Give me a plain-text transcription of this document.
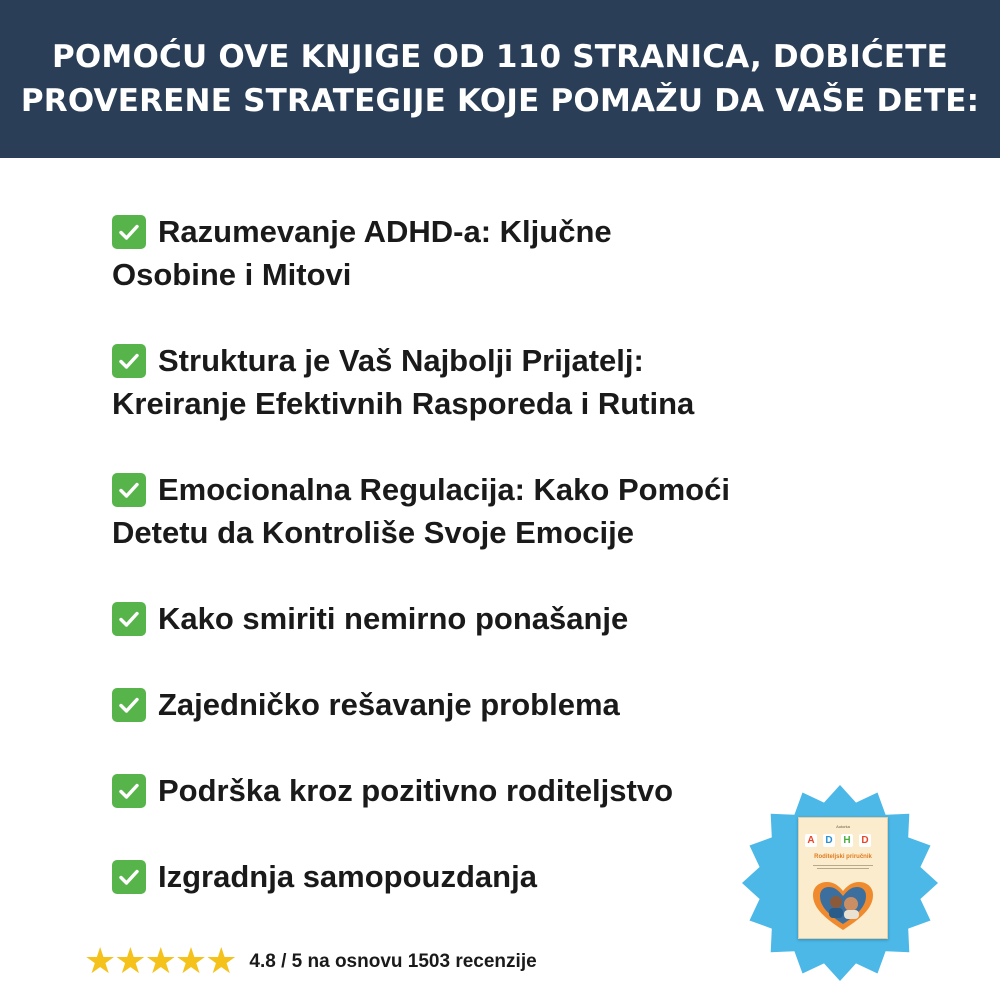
POMOĆU OVE KNJIGE OD 110 STRANICA, DOBIĆETE
PROVERENE STRATEGIJE KOJE POMAŽU DA VAŠE DETE:
Razumevanje ADHD-a: Ključne
Osobine i Mitovi
Struktura je Vaš Najbolji Prijatelj:
Kreiranje Efektivnih Rasporeda i Rutina
Emocionalna Regulacija: Kako Pomoći
Detetu da Kontroliše Svoje Emocije
Kako smiriti nemirno ponašanje
Zajedničko rešavanje problema
Podrška kroz pozitivno roditeljstvo
Izgradnja samopouzdanja
★
★
★
★
★ 4.8 / 5 na osnovu 1503 recenzije
Autorka
A D H D
Roditeljski priručnik
